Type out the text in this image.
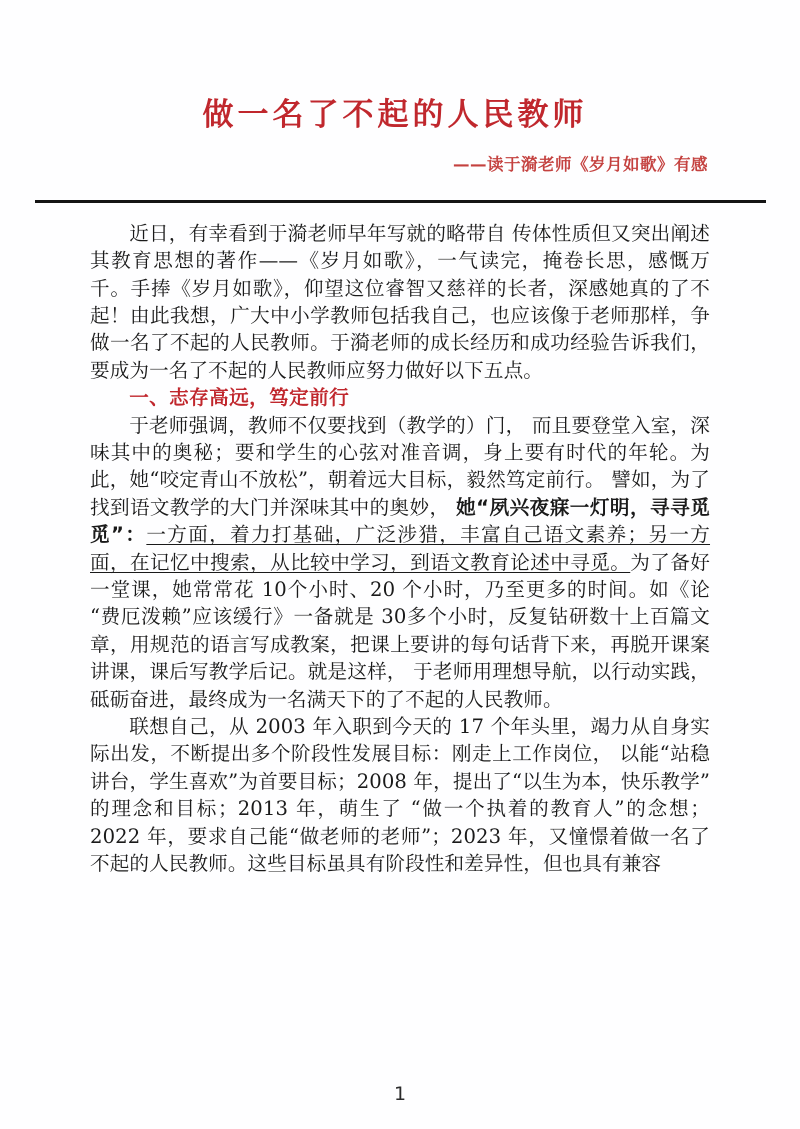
做一名了不起的人民教师
——读于漪老师《岁月如歌》有感

近日，有幸看到于漪老师早年写就的略带自 传体性质但又突出阐述其教育思想的著作——《岁月如歌》，一气读完，掩卷长思，感慨万千。手捧《岁月如歌》，仰望这位睿智又慈祥的长者，深感她真的了不起！由此我想，广大中小学教师包括我自己，也应该像于老师那样，争做一名了不起的人民教师。于漪老师的成长经历和成功经验告诉我们，要成为一名了不起的人民教师应努力做好以下五点。

一、志存高远，笃定前行

于老师强调，教师不仅要找到（教学的）门， 而且要登堂入室，深味其中的奥秘；要和学生的心弦对准音调，身上要有时代的年轮。为此，她“咬定青山不放松”，朝着远大目标，毅然笃定前行。 譬如，为了找到语文教学的大门并深味其中的奥妙， 她“夙兴夜寐一灯明，寻寻觅觅”：一方面，着力打基础，广泛涉猎，丰富自己语文素养；另一方面，在记忆中搜索，从比较中学习，到语文教育论述中寻觅。为了备好一堂课，她常常花 10个小时、20 个小时，乃至更多的时间。如《论“费厄泼赖”应该缓行》一备就是 30多个小时，反复钻研数十上百篇文章，用规范的语言写成教案，把课上要讲的每句话背下来，再脱开课案讲课，课后写教学后记。就是这样， 于老师用理想导航，以行动实践，砥砺奋进，最终成为一名满天下的了不起的人民教师。

联想自己，从 2003 年入职到今天的 17 个年头里，竭力从自身实际出发，不断提出多个阶段性发展目标：刚走上工作岗位， 以能“站稳讲台，学生喜欢”为首要目标；2008 年，提出了“以生为本，快乐教学”的理念和目标；2013 年，萌生了 “做一个执着的教育人”的念想；2022 年，要求自己能“做老师的老师”；2023 年，又憧憬着做一名了不起的人民教师。这些目标虽具有阶段性和差异性，但也具有兼容

1
